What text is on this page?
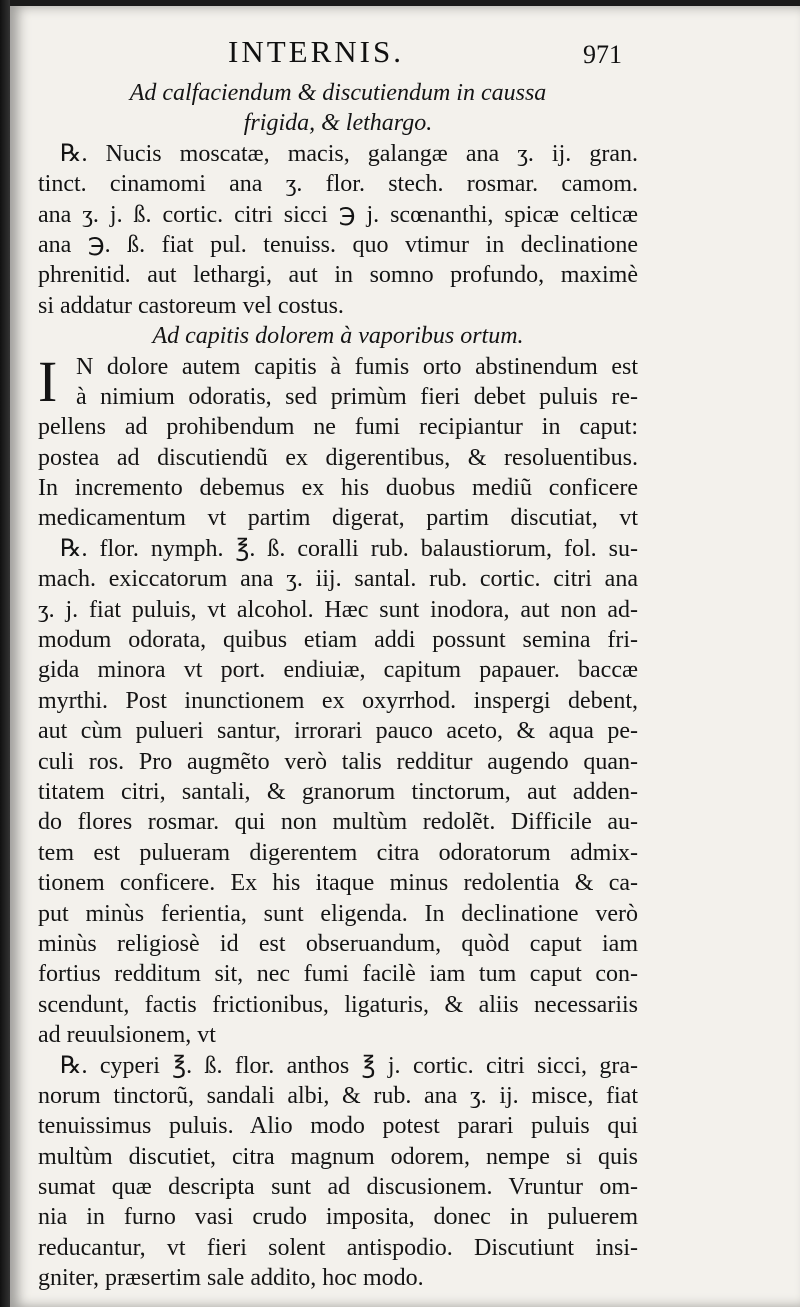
INTERNIS.	971
Ad calfaciendum & discutiendum in caussa
frigida, & lethargo.
℞. Nucis moscatæ, macis, galangæ ana ʒ. ij. gran.
tinct. cinamomi ana ʒ. flor. stech. rosmar. camom.
ana ʒ. j. ß. cortic. citri sicci ℈ j. scœnanthi, spicæ celticæ
ana ℈. ß. fiat pul. tenuiss. quo vtimur in declinatione
phrenitid. aut lethargi, aut in somno profundo, maximè
si addatur castoreum vel costus.
Ad capitis dolorem à vaporibus ortum.
I N dolore autem capitis à fumis orto abstinendum est
à nimium odoratis, sed primùm fieri debet puluis re-
pellens ad prohibendum ne fumi recipiantur in caput:
postea ad discutiendũ ex digerentibus, & resoluentibus.
In incremento debemus ex his duobus mediũ conficere
medicamentum vt partim digerat, partim discutiat, vt
℞. flor. nymph. ℥. ß. coralli rub. balaustiorum, fol. su-
mach. exiccatorum ana ʒ. iij. santal. rub. cortic. citri ana
ʒ. j. fiat puluis, vt alcohol. Hæc sunt inodora, aut non ad-
modum odorata, quibus etiam addi possunt semina fri-
gida minora vt port. endiuiæ, capitum papauer. baccæ
myrthi. Post inunctionem ex oxyrrhod. inspergi debent,
aut cùm pulueri santur, irrorari pauco aceto, & aqua pe-
culi ros. Pro augmẽto verò talis redditur augendo quan-
titatem citri, santali, & granorum tinctorum, aut adden-
do flores rosmar. qui non multùm redolẽt. Difficile au-
tem est pulueram digerentem citra odoratorum admix-
tionem conficere. Ex his itaque minus redolentia & ca-
put minùs ferientia, sunt eligenda. In declinatione verò
minùs religiosè id est obseruandum, quòd caput iam
fortius redditum sit, nec fumi facilè iam tum caput con-
scendunt, factis frictionibus, ligaturis, & aliis necessariis
ad reuulsionem, vt
℞. cyperi ℥. ß. flor. anthos ℥ j. cortic. citri sicci, gra-
norum tinctorũ, sandali albi, & rub. ana ʒ. ij. misce, fiat
tenuissimus puluis. Alio modo potest parari puluis qui
multùm discutiet, citra magnum odorem, nempe si quis
sumat quæ descripta sunt ad discusionem. Vruntur om-
nia in furno vasi crudo imposita, donec in puluerem
reducantur, vt fieri solent antispodio. Discutiunt insi-
gniter, præsertim sale addito, hoc modo.
